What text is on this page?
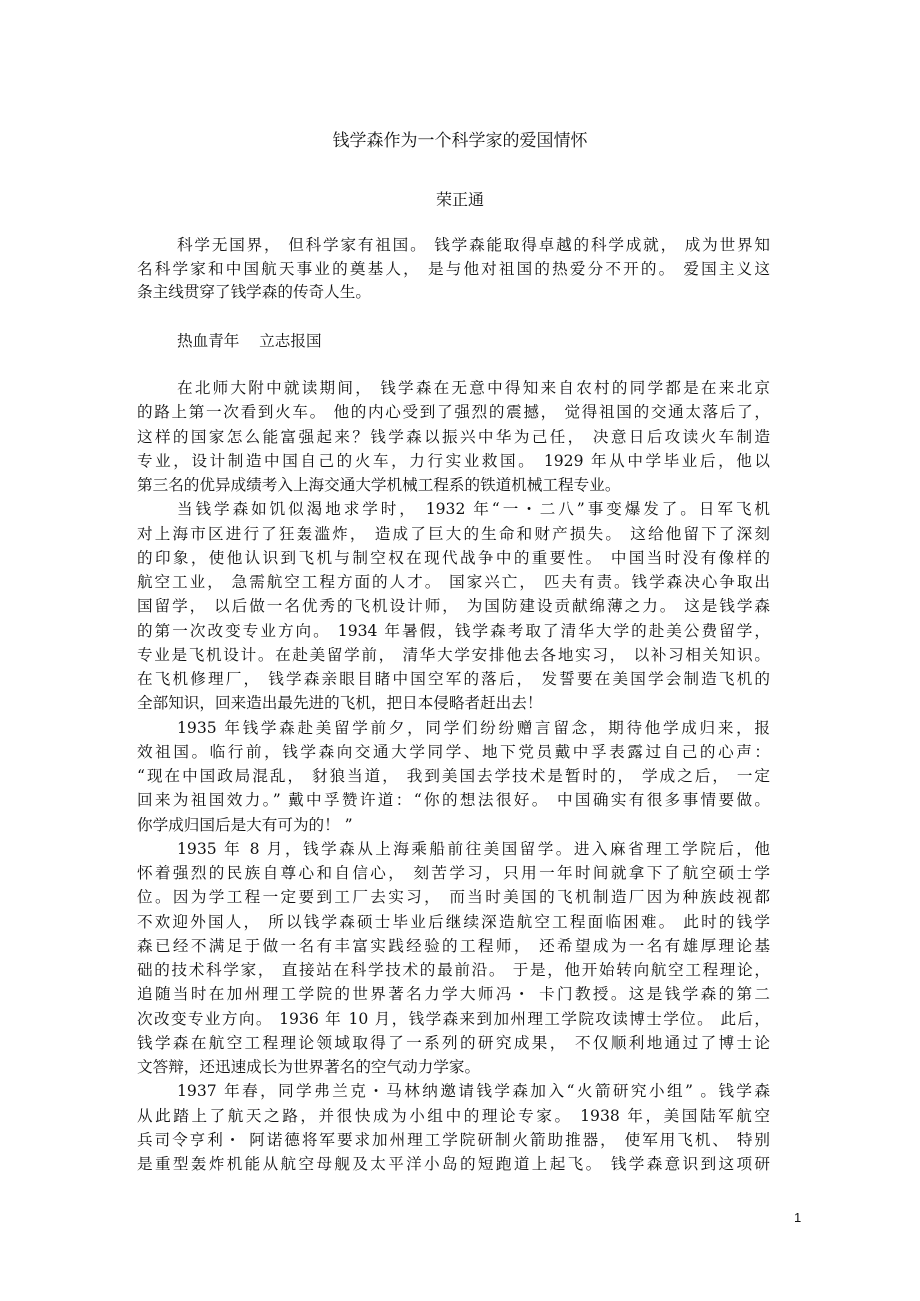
钱学森作为一个科学家的爱国情怀
荣正通
科学无国界， 但科学家有祖国。 钱学森能取得卓越的科学成就， 成为世界知
名科学家和中国航天事业的奠基人， 是与他对祖国的热爱分不开的。 爱国主义这
条主线贯穿了钱学森的传奇人生。
热血青年    立志报国
在北师大附中就读期间， 钱学森在无意中得知来自农村的同学都是在来北京
的路上第一次看到火车。 他的内心受到了强烈的震撼， 觉得祖国的交通太落后了，
这样的国家怎么能富强起来？钱学森以振兴中华为己任， 决意日后攻读火车制造
专业，设计制造中国自己的火车，力行实业救国。 1929 年从中学毕业后，他以
第三名的优异成绩考入上海交通大学机械工程系的铁道机械工程专业。
当钱学森如饥似渴地求学时， 1932 年“一・二八”事变爆发了。日军飞机
对上海市区进行了狂轰滥炸， 造成了巨大的生命和财产损失。 这给他留下了深刻
的印象，使他认识到飞机与制空权在现代战争中的重要性。 中国当时没有像样的
航空工业， 急需航空工程方面的人才。 国家兴亡， 匹夫有责。钱学森决心争取出
国留学， 以后做一名优秀的飞机设计师， 为国防建设贡献绵薄之力。 这是钱学森
的第一次改变专业方向。 1934 年暑假，钱学森考取了清华大学的赴美公费留学，
专业是飞机设计。在赴美留学前， 清华大学安排他去各地实习， 以补习相关知识。
在飞机修理厂， 钱学森亲眼目睹中国空军的落后， 发誓要在美国学会制造飞机的
全部知识，回来造出最先进的飞机，把日本侵略者赶出去！
1935 年钱学森赴美留学前夕，同学们纷纷赠言留念，期待他学成归来，报
效祖国。临行前，钱学森向交通大学同学、地下党员戴中孚表露过自己的心声：
“现在中国政局混乱， 豺狼当道， 我到美国去学技术是暂时的， 学成之后， 一定
回来为祖国效力。” 戴中孚赞许道：“你的想法很好。 中国确实有很多事情要做。
你学成归国后是大有可为的！ ”
1935 年 8 月，钱学森从上海乘船前往美国留学。进入麻省理工学院后，他
怀着强烈的民族自尊心和自信心， 刻苦学习，只用一年时间就拿下了航空硕士学
位。因为学工程一定要到工厂去实习， 而当时美国的飞机制造厂因为种族歧视都
不欢迎外国人， 所以钱学森硕士毕业后继续深造航空工程面临困难。 此时的钱学
森已经不满足于做一名有丰富实践经验的工程师， 还希望成为一名有雄厚理论基
础的技术科学家， 直接站在科学技术的最前沿。 于是，他开始转向航空工程理论，
追随当时在加州理工学院的世界著名力学大师冯・ 卡门教授。这是钱学森的第二
次改变专业方向。 1936 年 10 月，钱学森来到加州理工学院攻读博士学位。 此后，
钱学森在航空工程理论领域取得了一系列的研究成果， 不仅顺利地通过了博士论
文答辩，还迅速成长为世界著名的空气动力学家。
1937 年春，同学弗兰克・马林纳邀请钱学森加入“火箭研究小组” 。钱学森
从此踏上了航天之路，并很快成为小组中的理论专家。 1938 年，美国陆军航空
兵司令亨利・ 阿诺德将军要求加州理工学院研制火箭助推器， 使军用飞机、 特别
是重型轰炸机能从航空母舰及太平洋小岛的短跑道上起飞。 钱学森意识到这项研
1
